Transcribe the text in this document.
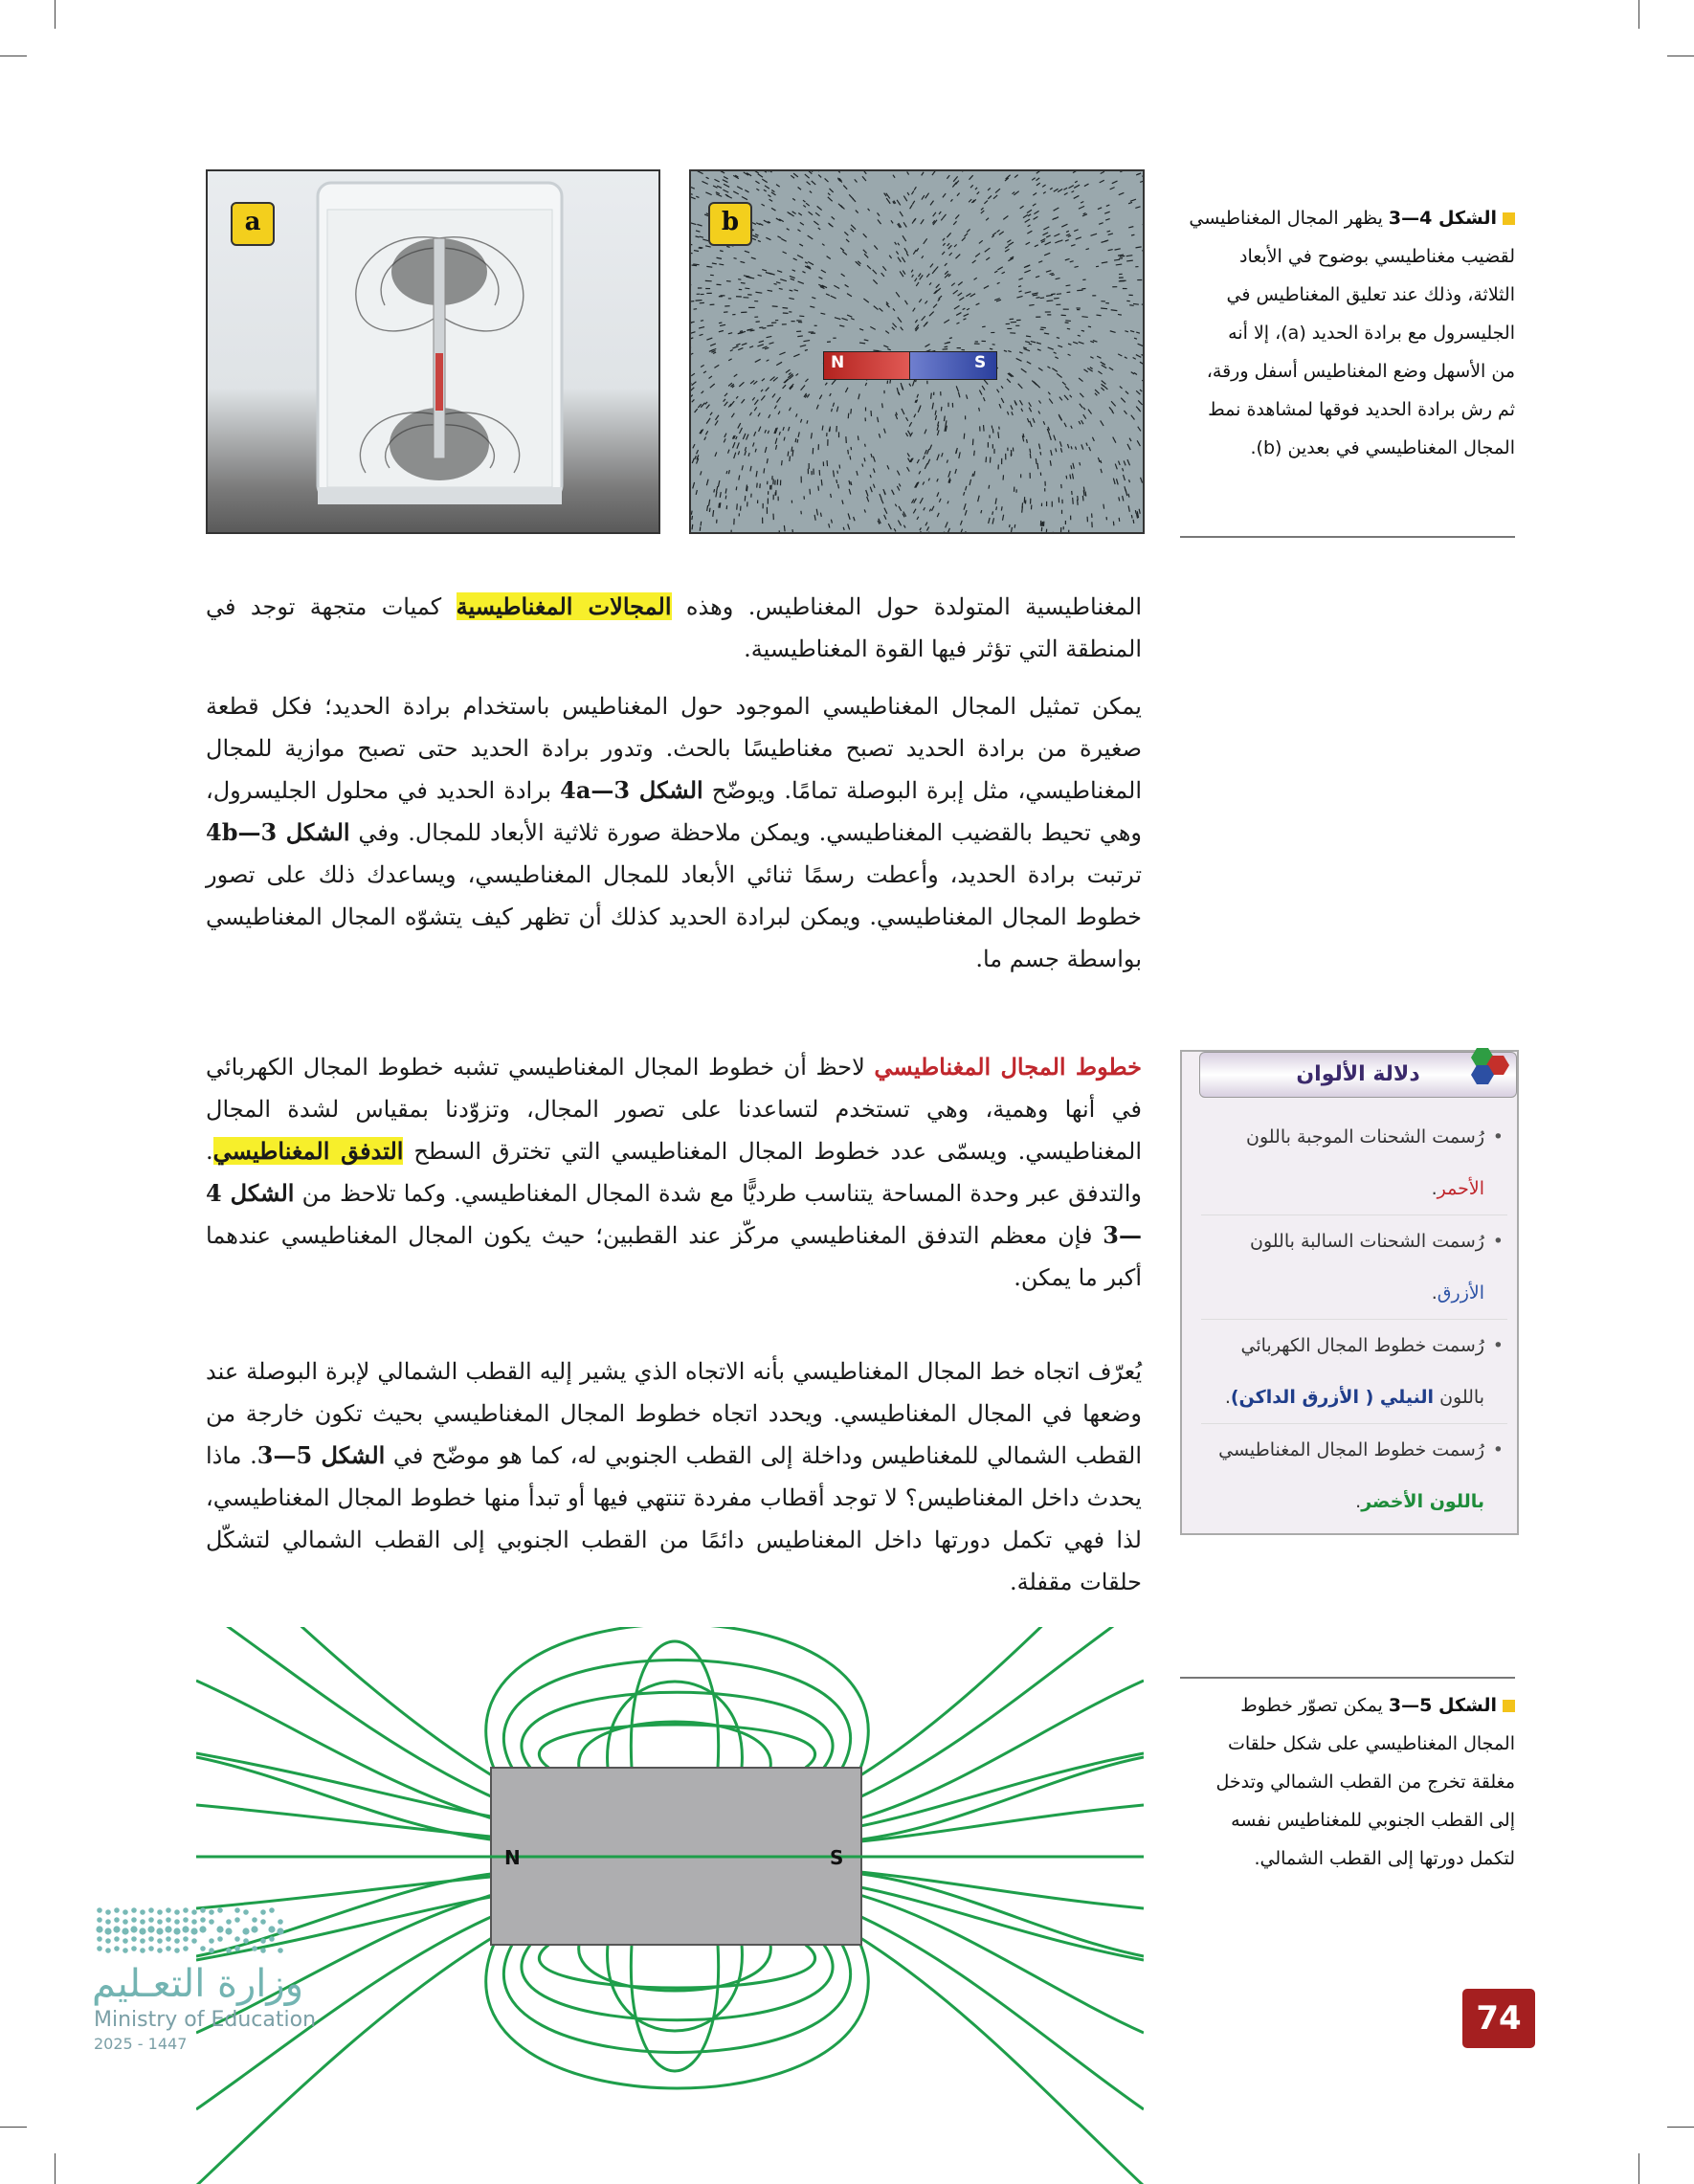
a
N	S
b	الشكل 4—3 يظهر المجال المغناطيسي
لقضيب مغناطيسي بوضوح في الأبعاد
الثلاثة، وذلك عند تعليق المغناطيس في
الجليسرول مع برادة الحديد (a)، إلا أنه
من الأسهل وضع المغناطيس أسفل ورقة،
ثم رش برادة الحديد فوقها لمشاهدة نمط
المجال المغناطيسي في بعدين (b).
المغناطيسية المتولدة حول المغناطيس. وهذه المجالات المغناطيسية كميات متجهة توجد في المنطقة التي تؤثر فيها القوة المغناطيسية.
يمكن تمثيل المجال المغناطيسي الموجود حول المغناطيس باستخدام برادة الحديد؛ فكل قطعة صغيرة من برادة الحديد تصبح مغناطيسًا بالحث. وتدور برادة الحديد حتى تصبح موازية للمجال المغناطيسي، مثل إبرة البوصلة تمامًا. ويوضّح الشكل 4a—3 برادة الحديد في محلول الجليسرول، وهي تحيط بالقضيب المغناطيسي. ويمكن ملاحظة صورة ثلاثية الأبعاد للمجال. وفي الشكل 4b—3 ترتبت برادة الحديد، وأعطت رسمًا ثنائي الأبعاد للمجال المغناطيسي، ويساعدك ذلك على تصور خطوط المجال المغناطيسي. ويمكن لبرادة الحديد كذلك أن تظهر كيف يتشوّه المجال المغناطيسي بواسطة جسم ما.
خطوط المجال المغناطيسي لاحظ أن خطوط المجال المغناطيسي تشبه خطوط المجال الكهربائي في أنها وهمية، وهي تستخدم لتساعدنا على تصور المجال، وتزوّدنا بمقياس لشدة المجال المغناطيسي. ويسمّى عدد خطوط المجال المغناطيسي التي تخترق السطح التدفق المغناطيسي. والتدفق عبر وحدة المساحة يتناسب طرديًّا مع شدة المجال المغناطيسي. وكما تلاحظ من الشكل 4—3 فإن معظم التدفق المغناطيسي مركّز عند القطبين؛ حيث يكون المجال المغناطيسي عندهما أكبر ما يمكن.
يُعرّف اتجاه خط المجال المغناطيسي بأنه الاتجاه الذي يشير إليه القطب الشمالي لإبرة البوصلة عند وضعها في المجال المغناطيسي. ويحدد اتجاه خطوط المجال المغناطيسي بحيث تكون خارجة من القطب الشمالي للمغناطيس وداخلة إلى القطب الجنوبي له، كما هو موضّح في الشكل 5—3. ماذا يحدث داخل المغناطيس؟ لا توجد أقطاب مفردة تنتهي فيها أو تبدأ منها خطوط المجال المغناطيسي، لذا فهي تكمل دورتها داخل المغناطيس دائمًا من القطب الجنوبي إلى القطب الشمالي لتشكّل حلقات مقفلة.
دلالة الألوان
• رُسمت الشحنات الموجبة باللون
الأحمر.
• رُسمت الشحنات السالبة باللون
الأزرق.
• رُسمت خطوط المجال الكهربائي باللون النيلي ( الأزرق الداكن).
• رُسمت خطوط المجال المغناطيسي
باللون الأخضر.
N	S
الشكل 5—3 يمكن تصوّر خطوط
المجال المغناطيسي على شكل حلقات
مغلقة تخرج من القطب الشمالي وتدخل
إلى القطب الجنوبي للمغناطيس نفسه
لتكمل دورتها إلى القطب الشمالي.
وزارة التعـليم
Ministry of Education
2025 - 1447
74
